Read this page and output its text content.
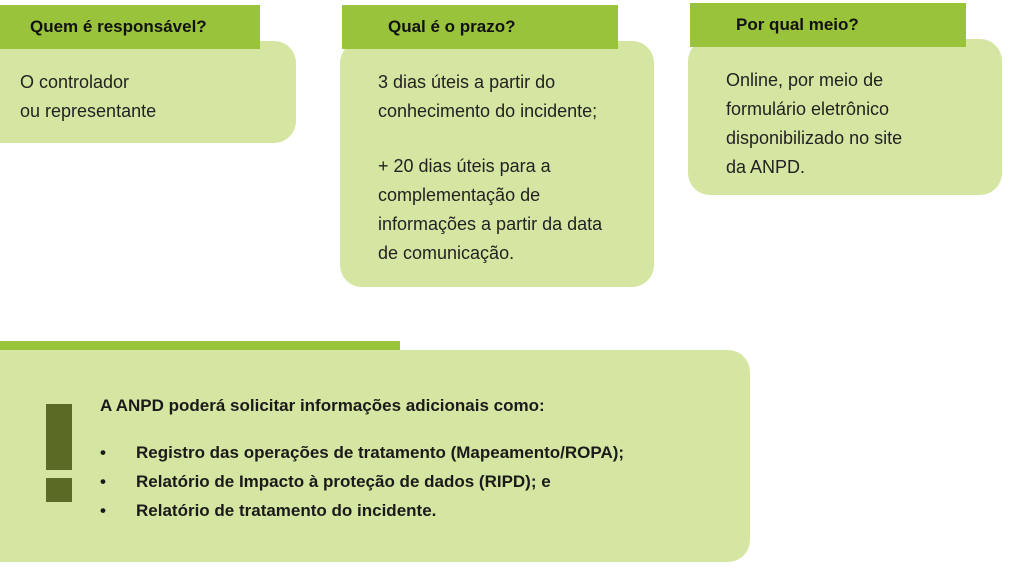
Quem é responsável?

O controlador

ou representante

Qual é o prazo?

3 dias úteis a partir do

conhecimento do incidente;

+ 20 dias úteis para a

complementação de

informações a partir da data

de comunicação.

Por qual meio?

Online, por meio de

formulário eletrônico

disponibilizado no site

da ANPD.

A ANPD poderá solicitar informações adicionais como:
•	Registro das operações de tratamento (Mapeamento/ROPA);
•	Relatório de Impacto à proteção de dados (RIPD); e
•	Relatório de tratamento do incidente.
